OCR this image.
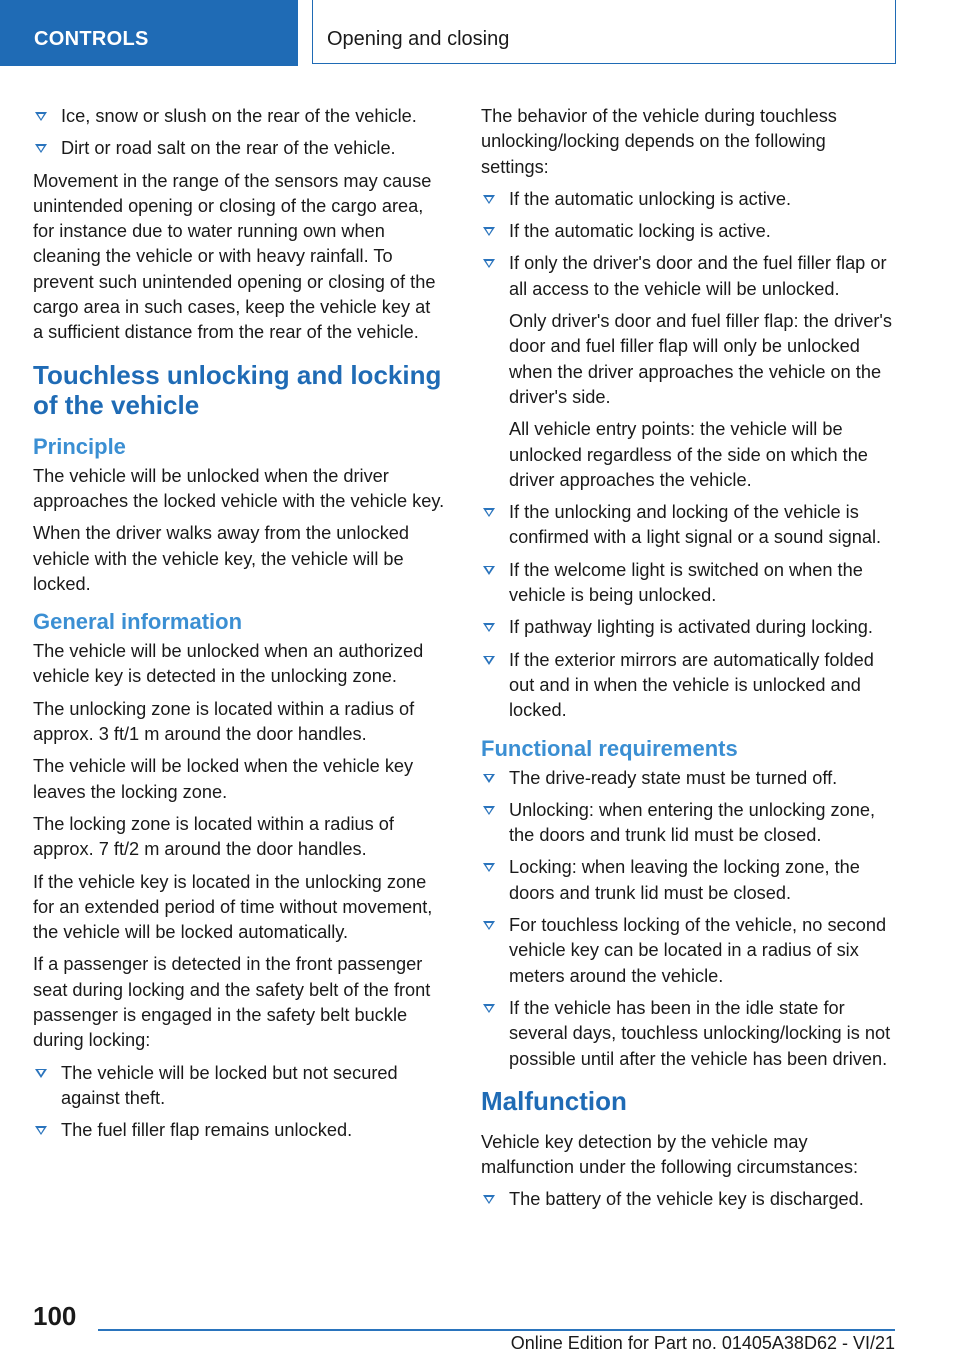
CONTROLS	Opening and closing
Ice, snow or slush on the rear of the vehicle.
Dirt or road salt on the rear of the vehicle.

Movement in the range of the sensors may cause unintended opening or closing of the cargo area, for instance due to water running own when cleaning the vehicle or with heavy rainfall. To prevent such unintended opening or closing of the cargo area in such cases, keep the vehicle key at a sufficient distance from the rear of the vehicle.

Touchless unlocking and locking of the vehicle
Principle

The vehicle will be unlocked when the driver approaches the locked vehicle with the vehicle key.

When the driver walks away from the unlocked vehicle with the vehicle key, the vehicle will be locked.

General information

The vehicle will be unlocked when an authorized vehicle key is detected in the unlocking zone.

The unlocking zone is located within a radius of approx. 3 ft/1 m around the door handles.

The vehicle will be locked when the vehicle key leaves the locking zone.

The locking zone is located within a radius of approx. 7 ft/2 m around the door handles.

If the vehicle key is located in the unlocking zone for an extended period of time without movement, the vehicle will be locked automatically.

If a passenger is detected in the front passenger seat during locking and the safety belt of the front passenger is engaged in the safety belt buckle during locking:

The vehicle will be locked but not secured against theft.
The fuel filler flap remains unlocked.

The behavior of the vehicle during touchless unlocking/locking depends on the following settings:

If the automatic unlocking is active.
If the automatic locking is active.
If only the driver's door and the fuel filler flap or all access to the vehicle will be unlocked.

Only driver's door and fuel filler flap: the driver's door and fuel filler flap will only be unlocked when the driver approaches the vehicle on the driver's side.

All vehicle entry points: the vehicle will be unlocked regardless of the side on which the driver approaches the vehicle.

If the unlocking and locking of the vehicle is confirmed with a light signal or a sound signal.
If the welcome light is switched on when the vehicle is being unlocked.
If pathway lighting is activated during locking.
If the exterior mirrors are automatically folded out and in when the vehicle is unlocked and locked.
Functional requirements
The drive-ready state must be turned off.
Unlocking: when entering the unlocking zone, the doors and trunk lid must be closed.
Locking: when leaving the locking zone, the doors and trunk lid must be closed.
For touchless locking of the vehicle, no second vehicle key can be located in a radius of six meters around the vehicle.
If the vehicle has been in the idle state for several days, touchless unlocking/locking is not possible until after the vehicle has been driven.
Malfunction

Vehicle key detection by the vehicle may malfunction under the following circumstances:

The battery of the vehicle key is discharged.
100
Online Edition for Part no. 01405A38D62 - VI/21
